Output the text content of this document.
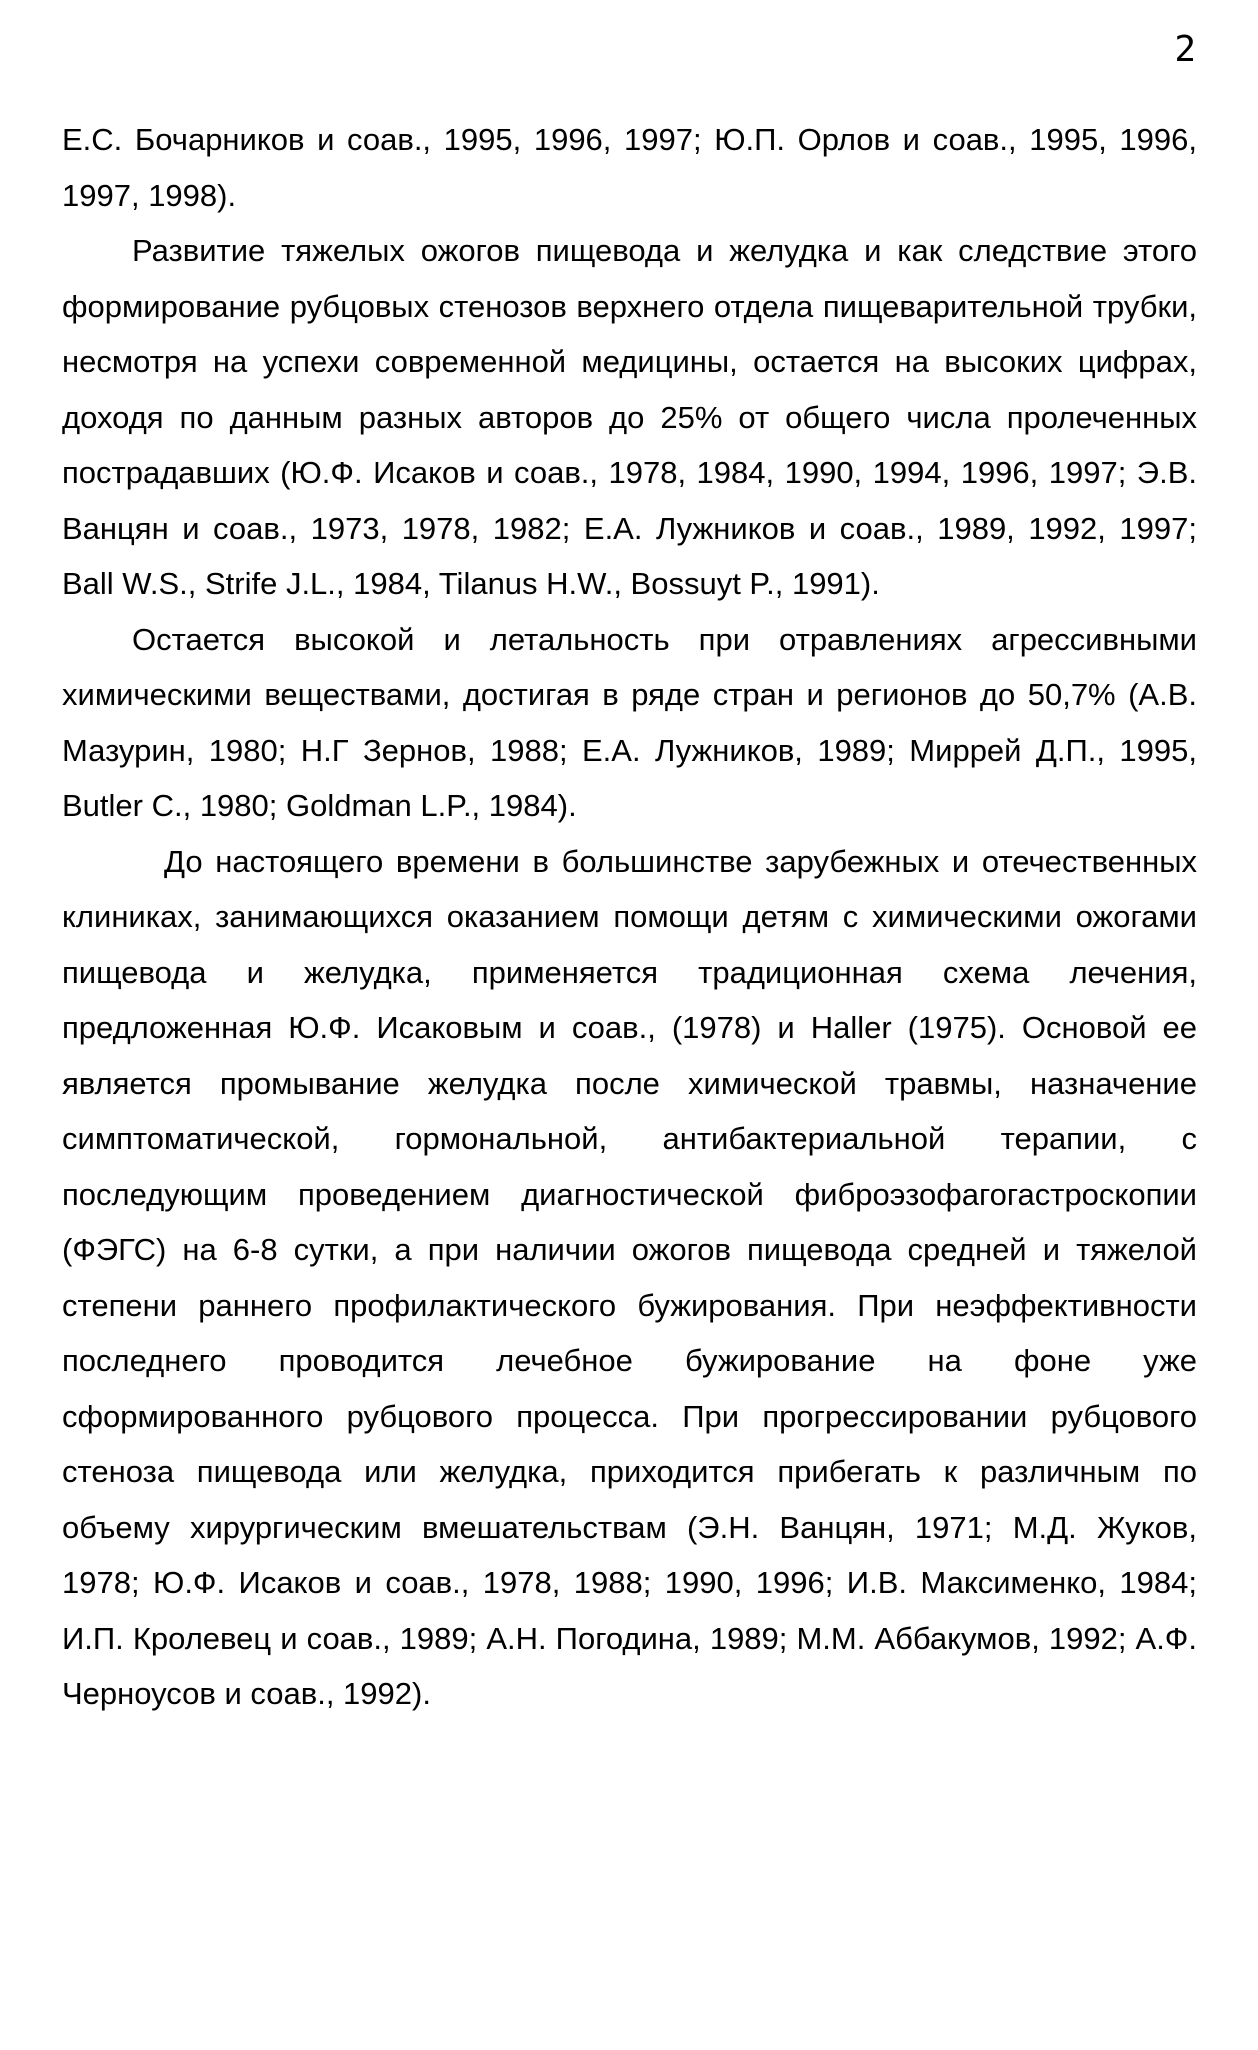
2

Е.С. Бочарников и соав., 1995, 1996, 1997; Ю.П. Орлов и соав., 1995, 1996, 1997, 1998).

Развитие тяжелых ожогов пищевода и желудка и как следствие этого формирование рубцовых стенозов верхнего отдела пищеварительной трубки, несмотря на успехи современной медицины, остается на высоких цифрах, доходя по данным разных авторов до 25% от общего числа пролеченных пострадавших (Ю.Ф. Исаков и соав., 1978, 1984, 1990, 1994, 1996, 1997; Э.В. Ванцян и соав., 1973, 1978, 1982; Е.А. Лужников и соав., 1989, 1992, 1997; Ball W.S., Strife J.L., 1984, Tilanus H.W., Bossuyt P., 1991).

Остается высокой и летальность при отравлениях агрессивными химическими веществами, достигая в ряде стран и регионов до 50,7% (А.В. Мазурин, 1980; Н.Г Зернов, 1988; Е.А. Лужников, 1989; Миррей Д.П., 1995, Butler C., 1980; Goldman L.P., 1984).

До настоящего времени в большинстве зарубежных и отечественных клиниках, занимающихся оказанием помощи детям с химическими ожогами пищевода и желудка, применяется традиционная схема лечения, предложенная Ю.Ф. Исаковым и соав., (1978) и Haller (1975). Основой ее является промывание желудка после химической травмы, назначение симптоматической, гормональной, антибактериальной терапии, с последующим проведением диагностической фиброэзофагогастроскопии (ФЭГС) на 6-8 сутки, а при наличии ожогов пищевода средней и тяжелой степени раннего профилактического бужирования. При неэффективности последнего проводится лечебное бужирование на фоне уже сформированного рубцового процесса. При прогрессировании рубцового стеноза пищевода или желудка, приходится прибегать к различным по объему хирургическим вмешательствам (Э.Н. Ванцян, 1971; М.Д. Жуков, 1978; Ю.Ф. Исаков и соав., 1978, 1988; 1990, 1996; И.В. Максименко, 1984; И.П. Кролевец и соав., 1989; А.Н. Погодина, 1989; М.М. Аббакумов, 1992; А.Ф. Черноусов и соав., 1992).
